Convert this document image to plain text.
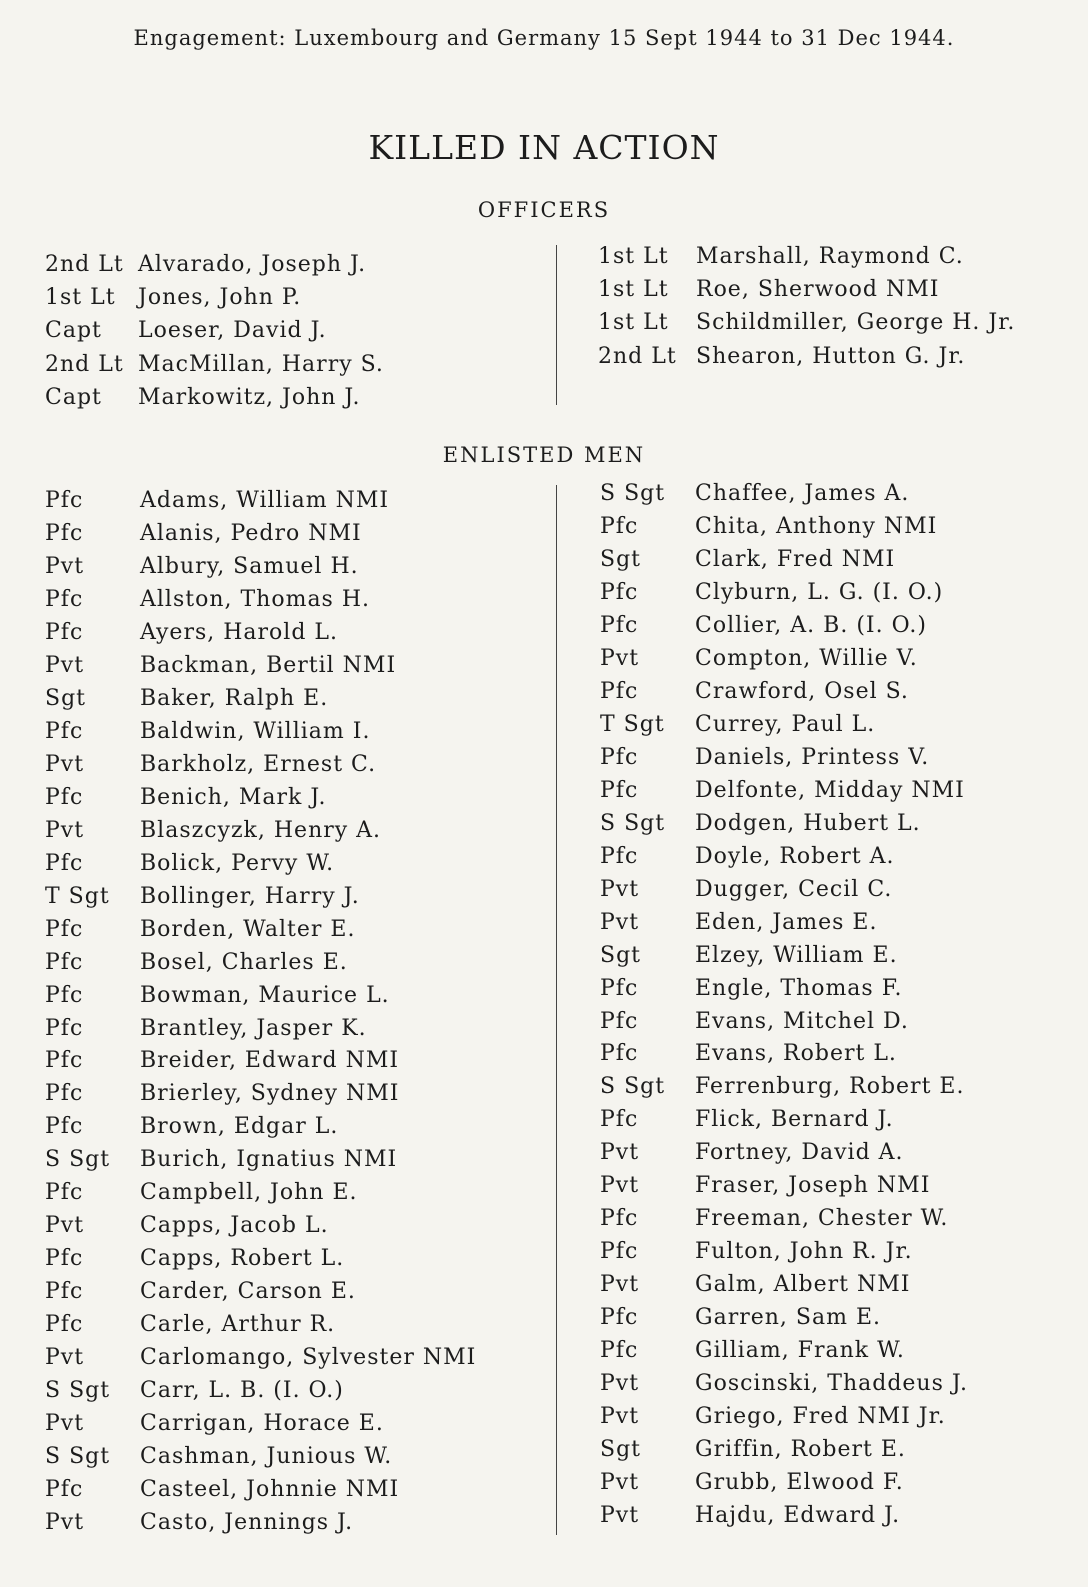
Engagement: Luxembourg and Germany 15 Sept 1944 to 31 Dec 1944.
KILLED IN ACTION
OFFICERS
2nd Lt Alvarado, Joseph J.
1st Lt	Jones, John P.
Capt	Loeser, David J.
2nd Lt MacMillan, Harry S.
Capt	Markowitz, John J.
1st Lt	Marshall, Raymond C.
1st Lt	Roe, Sherwood NMI
1st Lt	Schildmiller, George H. Jr.
2nd Lt Shearon, Hutton G. Jr.
ENLISTED MEN
Pfc	Adams, William NMI
Pfc	Alanis, Pedro NMI
Pvt	Albury, Samuel H.
Pfc	Allston, Thomas H.
Pfc	Ayers, Harold L.
Pvt	Backman, Bertil NMI
Sgt	Baker, Ralph E.
Pfc	Baldwin, William I.
Pvt	Barkholz, Ernest C.
Pfc	Benich, Mark J.
Pvt	Blaszcyzk, Henry A.
Pfc	Bolick, Pervy W.
T Sgt	Bollinger, Harry J.
Pfc	Borden, Walter E.
Pfc	Bosel, Charles E.
Pfc	Bowman, Maurice L.
Pfc	Brantley, Jasper K.
Pfc	Breider, Edward NMI
Pfc	Brierley, Sydney NMI
Pfc	Brown, Edgar L.
S Sgt	Burich, Ignatius NMI
Pfc	Campbell, John E.
Pvt	Capps, Jacob L.
Pfc	Capps, Robert L.
Pfc	Carder, Carson E.
Pfc	Carle, Arthur R.
Pvt	Carlomango, Sylvester NMI
S Sgt	Carr, L. B. (I. O.)
Pvt	Carrigan, Horace E.
S Sgt	Cashman, Junious W.
Pfc	Casteel, Johnnie NMI
Pvt	Casto, Jennings J.
S Sgt	Chaffee, James A.
Pfc	Chita, Anthony NMI
Sgt	Clark, Fred NMI
Pfc	Clyburn, L. G. (I. O.)
Pfc	Collier, A. B. (I. O.)
Pvt	Compton, Willie V.
Pfc	Crawford, Osel S.
T Sgt	Currey, Paul L.
Pfc	Daniels, Printess V.
Pfc	Delfonte, Midday NMI
S Sgt	Dodgen, Hubert L.
Pfc	Doyle, Robert A.
Pvt	Dugger, Cecil C.
Pvt	Eden, James E.
Sgt	Elzey, William E.
Pfc	Engle, Thomas F.
Pfc	Evans, Mitchel D.
Pfc	Evans, Robert L.
S Sgt	Ferrenburg, Robert E.
Pfc	Flick, Bernard J.
Pvt	Fortney, David A.
Pvt	Fraser, Joseph NMI
Pfc	Freeman, Chester W.
Pfc	Fulton, John R. Jr.
Pvt	Galm, Albert NMI
Pfc	Garren, Sam E.
Pfc	Gilliam, Frank W.
Pvt	Goscinski, Thaddeus J.
Pvt	Griego, Fred NMI Jr.
Sgt	Griffin, Robert E.
Pvt	Grubb, Elwood F.
Pvt	Hajdu, Edward J.
